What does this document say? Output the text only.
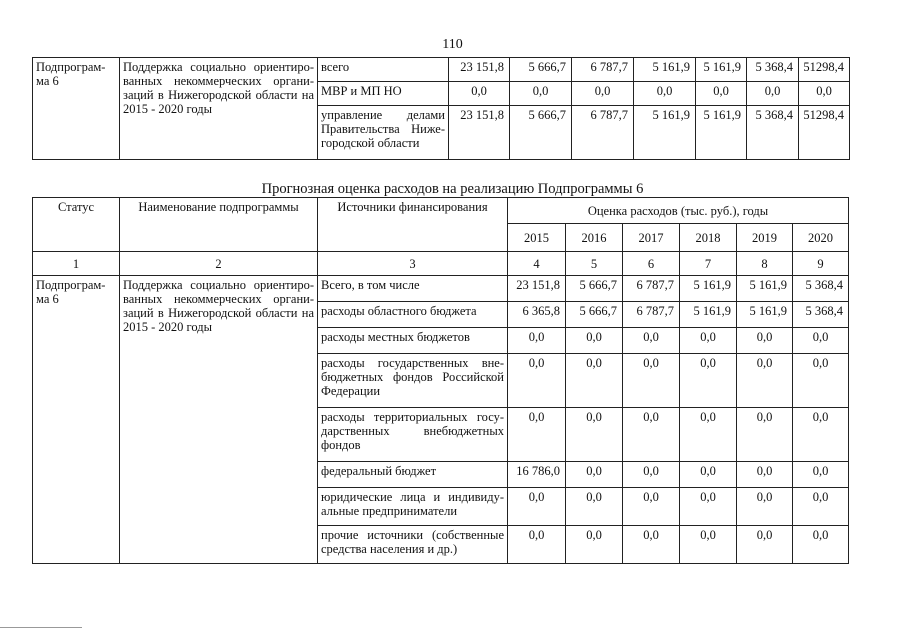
110
Подпрограм-ма 6	Поддержка социально ориентиро-ванных некоммерческих органи-заций в Нижегородской области на 2015 - 2020 годы	всего	23 151,8	5 666,7	6 787,7	5 161,9	5 161,9	5 368,4	51298,4
		МВР и МП НО	0,0	0,0	0,0	0,0	0,0	0,0	0,0
		управление делами Правительства Ниже-городской области	23 151,8	5 666,7	6 787,7	5 161,9	5 161,9	5 368,4	51298,4
Прогнозная оценка расходов на реализацию Подпрограммы 6
Статус	Наименование подпрограммы	Источники финансирования	Оценка расходов (тыс. руб.), годы					
			2015	2016	2017	2018	2019	2020
1	2	3	4	5	6	7	8	9
Подпрограм-ма 6	Поддержка социально ориентиро-ванных некоммерческих органи-заций в Нижегородской области на 2015 - 2020 годы	Всего, в том числе	23 151,8	5 666,7	6 787,7	5 161,9	5 161,9	5 368,4
		расходы областного бюджета	6 365,8	5 666,7	6 787,7	5 161,9	5 161,9	5 368,4
		расходы местных бюджетов	0,0	0,0	0,0	0,0	0,0	0,0
		расходы государственных вне-бюджетных фондов Российской Федерации	0,0	0,0	0,0	0,0	0,0	0,0
		расходы территориальных госу-дарственных внебюджетных фондов	0,0	0,0	0,0	0,0	0,0	0,0
		федеральный бюджет	16 786,0	0,0	0,0	0,0	0,0	0,0
		юридические лица и индивиду-альные предприниматели	0,0	0,0	0,0	0,0	0,0	0,0
		прочие источники (собственные средства населения и др.)	0,0	0,0	0,0	0,0	0,0	0,0
